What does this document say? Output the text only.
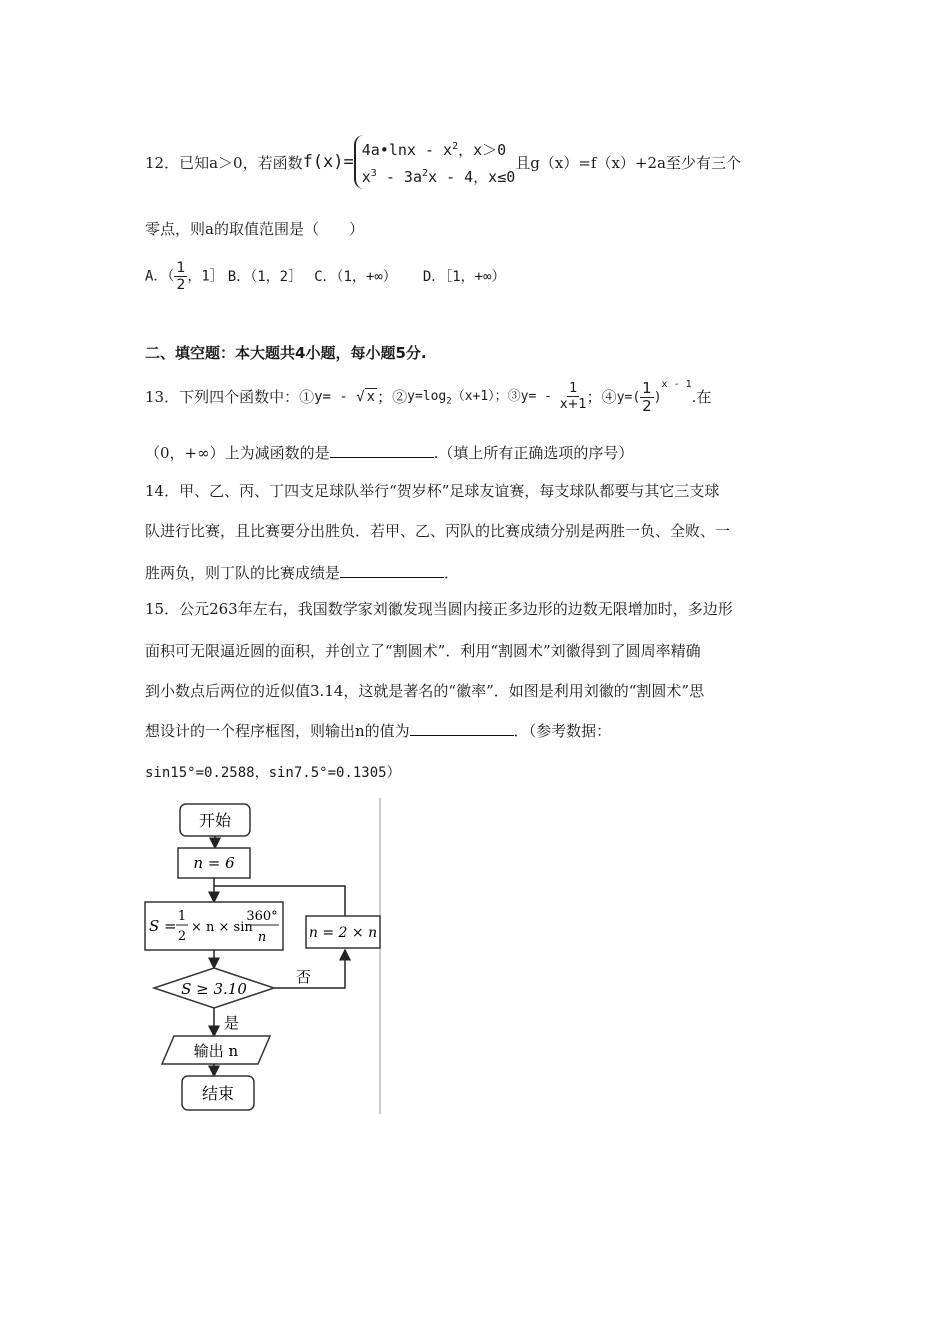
12．已知a＞0，若函数 f(x)=
4a•lnx - $x^2$，x＞0
$x^3 - 3a^2x - 4$，x≤0
且g（x）=f（x）+2a至少有三个
零点，则a的取值范围是（　　）
A．（ $\frac{1}{2}$ ，1］ B．（1，2］ C．（1，+∞） D．［1，+∞）
二、填空题：本大题共4小题，每小题5分.
13．下列四个函数中：① y= - √ x ；② $y=\log_2(x+1)$；③ $y= - \frac{1}{x+1}$ ；④ $y=( \frac{1}{2} )^{x - 1}$
.在
（0，+∞）上为减函数的是	.（填上所有正确选项的序号）
14．甲、乙、丙、丁四支足球队举行“贺岁杯”足球友谊赛，每支球队都要与其它三支球
队进行比赛，且比赛要分出胜负．若甲、乙、丙队的比赛成绩分别是两胜一负、全败、一
胜两负，则丁队的比赛成绩是	．
15．公元263年左右，我国数学家刘徽发现当圆内接正多边形的边数无限增加时，多边形
面积可无限逼近圆的面积，并创立了“割圆术”．利用“割圆术”刘徽得到了圆周率精确
到小数点后两位的近似值3.14，这就是著名的“徽率”．如图是利用刘徽的“割圆术”思
想设计的一个程序框图，则输出n的值为	．（参考数据：
sin15°=0.2588，sin7.5°=0.1305）
开始
n = 6
S =
1
2
× n × sin
360°
n	n = 2 × n
S ≥ 3.10
否
是
输出 n
结束
